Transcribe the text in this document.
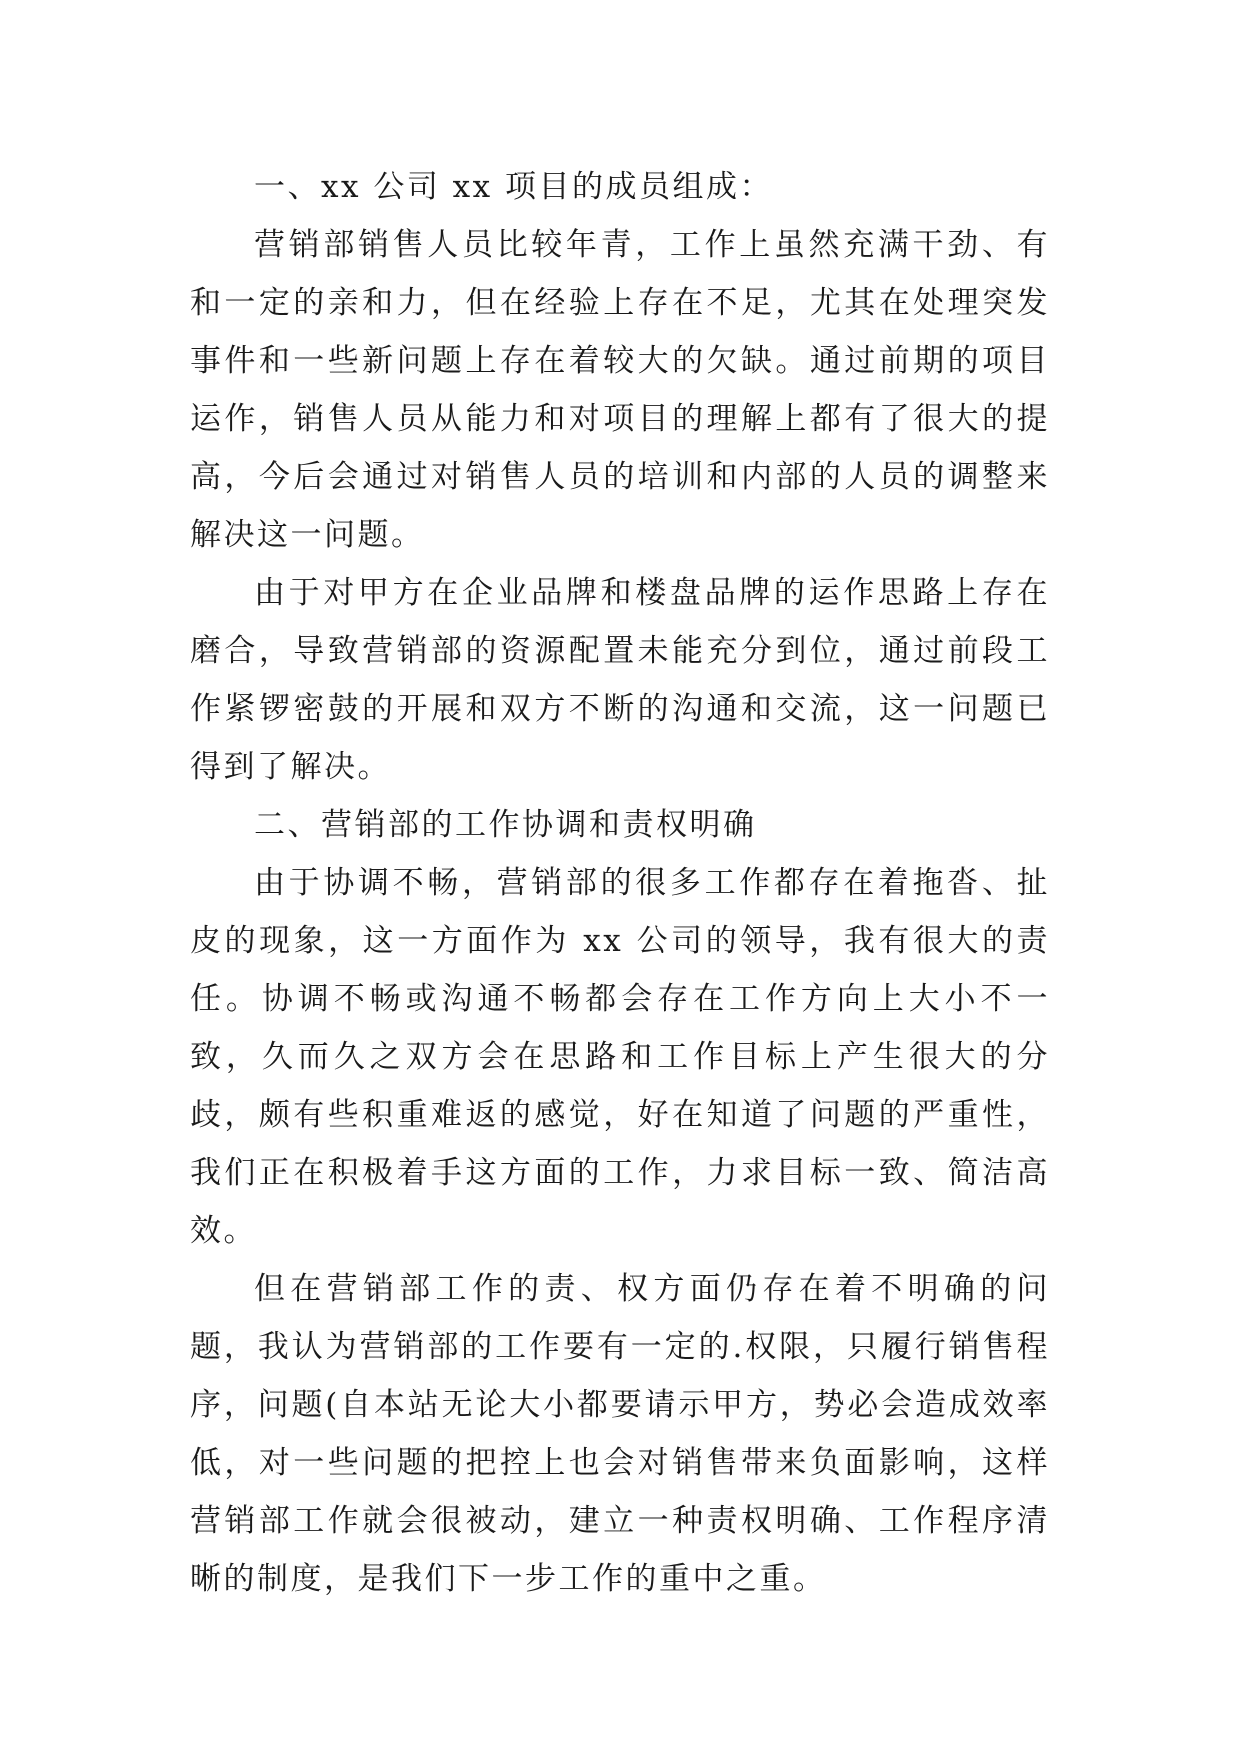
一、xx 公司 xx 项目的成员组成：

营销部销售人员比较年青，工作上虽然充满干劲、有和一定的亲和力，但在经验上存在不足，尤其在处理突发事件和一些新问题上存在着较大的欠缺。通过前期的项目运作，销售人员从能力和对项目的理解上都有了很大的提高，今后会通过对销售人员的培训和内部的人员的调整来解决这一问题。

由于对甲方在企业品牌和楼盘品牌的运作思路上存在磨合，导致营销部的资源配置未能充分到位，通过前段工作紧锣密鼓的开展和双方不断的沟通和交流，这一问题已得到了解决。

二、营销部的工作协调和责权明确

由于协调不畅，营销部的很多工作都存在着拖沓、扯皮的现象，这一方面作为 xx 公司的领导，我有很大的责任。协调不畅或沟通不畅都会存在工作方向上大小不一致，久而久之双方会在思路和工作目标上产生很大的分歧，颇有些积重难返的感觉，好在知道了问题的严重性，我们正在积极着手这方面的工作，力求目标一致、简洁高效。

但在营销部工作的责、权方面仍存在着不明确的问题，我认为营销部的工作要有一定的.权限，只履行销售程序，问题(自本站无论大小都要请示甲方，势必会造成效率低，对一些问题的把控上也会对销售带来负面影响，这样营销部工作就会很被动，建立一种责权明确、工作程序清晰的制度，是我们下一步工作的重中之重。
